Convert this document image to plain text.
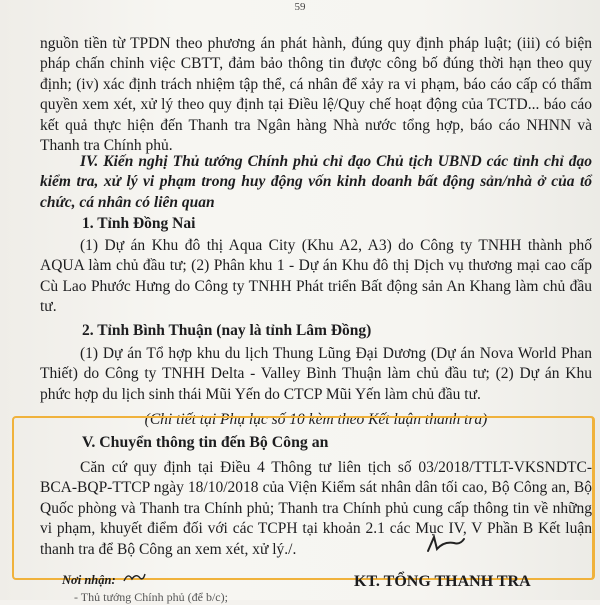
59
nguồn tiền từ TPDN theo phương án phát hành, đúng quy định pháp luật; (iii) có biện pháp chấn chỉnh việc CBTT, đảm bảo thông tin được công bố đúng thời hạn theo quy định; (iv) xác định trách nhiệm tập thể, cá nhân để xảy ra vi phạm, báo cáo cấp có thẩm quyền xem xét, xử lý theo quy định tại Điều lệ/Quy chế hoạt động của TCTD... báo cáo kết quả thực hiện đến Thanh tra Ngân hàng Nhà nước tổng hợp, báo cáo NHNN và Thanh tra Chính phủ.
IV. Kiến nghị Thủ tướng Chính phủ chỉ đạo Chủ tịch UBND các tỉnh chỉ đạo kiểm tra, xử lý vi phạm trong huy động vốn kinh doanh bất động sản/nhà ở của tổ chức, cá nhân có liên quan
1. Tỉnh Đồng Nai
(1) Dự án Khu đô thị Aqua City (Khu A2, A3) do Công ty TNHH thành phố AQUA làm chủ đầu tư; (2) Phân khu 1 - Dự án Khu đô thị Dịch vụ thương mại cao cấp Cù Lao Phước Hưng do Công ty TNHH Phát triển Bất động sản An Khang làm chủ đầu tư.
2. Tỉnh Bình Thuận (nay là tỉnh Lâm Đồng)
(1) Dự án Tổ hợp khu du lịch Thung Lũng Đại Dương (Dự án Nova World Phan Thiết) do Công ty TNHH Delta - Valley Bình Thuận làm chủ đầu tư; (2) Dự án Khu phức hợp du lịch sinh thái Mũi Yến do CTCP Mũi Yến làm chủ đầu tư.
(Chi tiết tại Phụ lục số 10 kèm theo Kết luận thanh tra)
V. Chuyển thông tin đến Bộ Công an
Căn cứ quy định tại Điều 4 Thông tư liên tịch số 03/2018/TTLT-VKSNDTC-BCA-BQP-TTCP ngày 18/10/2018 của Viện Kiểm sát nhân dân tối cao, Bộ Công an, Bộ Quốc phòng và Thanh tra Chính phủ; Thanh tra Chính phủ cung cấp thông tin về những vi phạm, khuyết điểm đối với các TCPH tại khoản 2.1 các Mục IV, V Phần B Kết luận thanh tra để Bộ Công an xem xét, xử lý./.
Nơi nhận:
- Thủ tướng Chính phủ (để b/c);
KT. TỔNG THANH TRA
